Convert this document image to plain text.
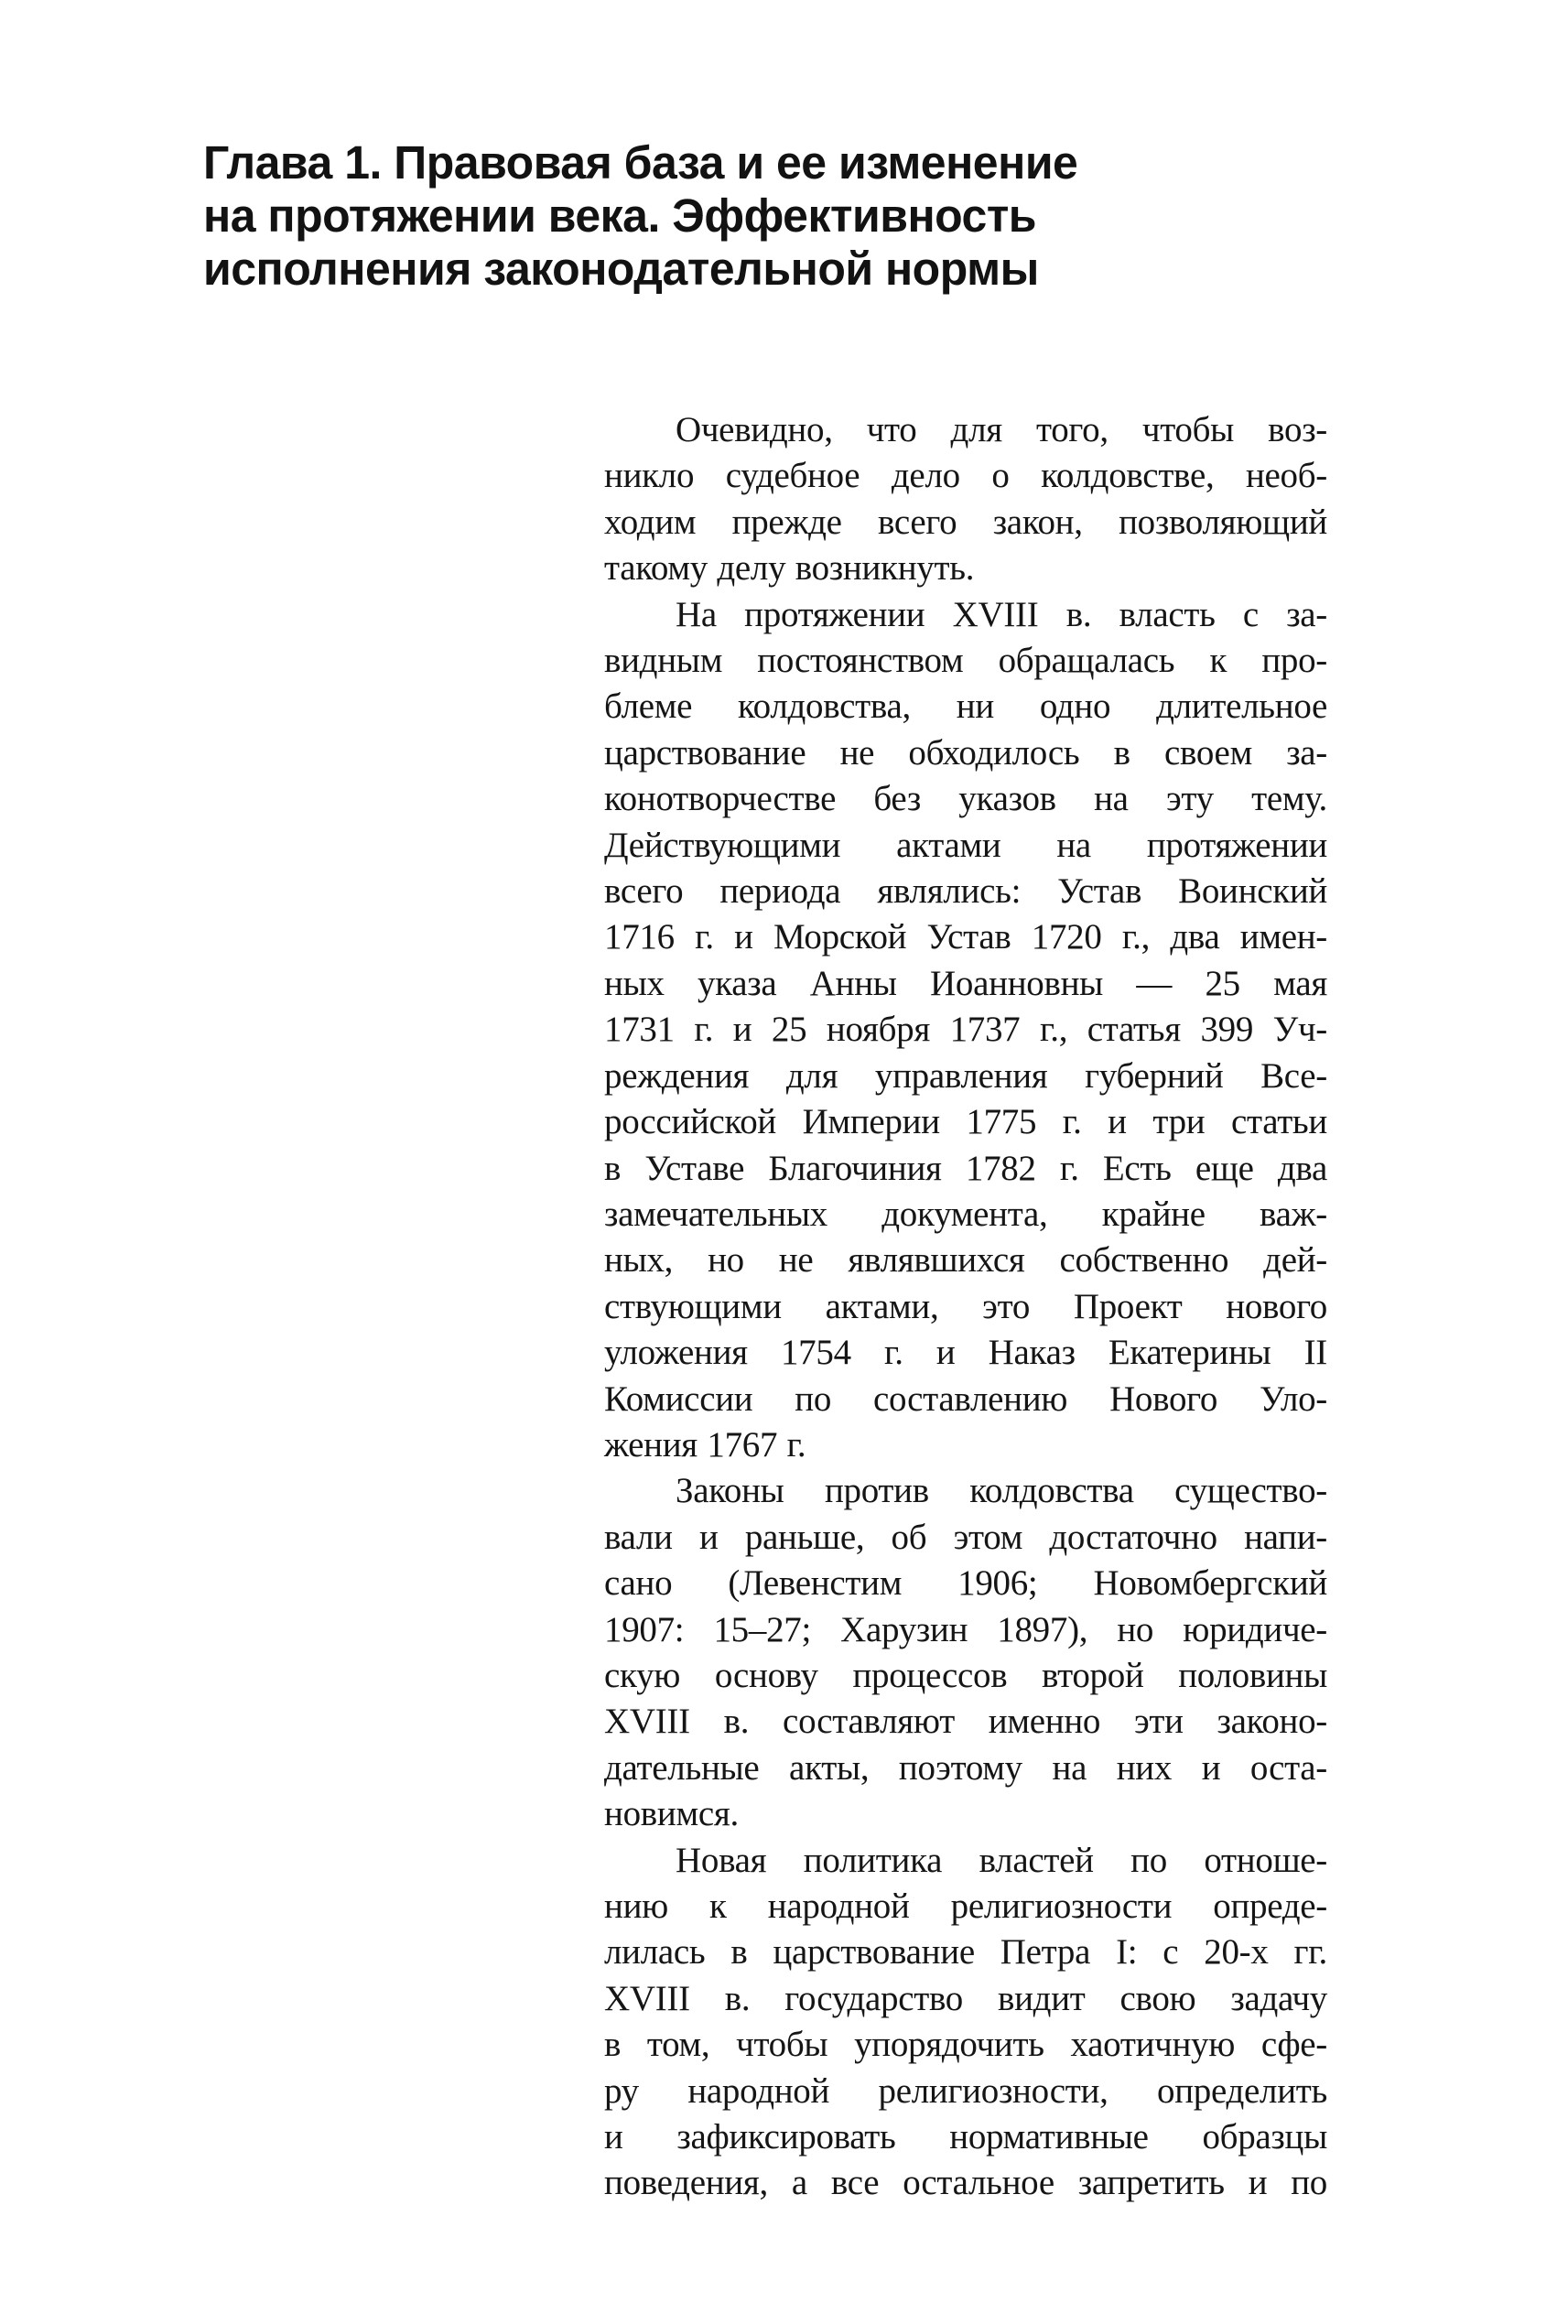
Глава 1. Правовая база и ее изменение
на протяжении века. Эффективность
исполнения законодательной нормы
Очевидно, что для того, чтобы воз-
никло судебное дело о колдовстве, необ-
ходим прежде всего закон, позволяющий
такому делу возникнуть.
На протяжении XVIII в. власть с за-
видным постоянством обращалась к про-
блеме колдовства, ни одно длительное
царствование не обходилось в своем за-
конотворчестве без указов на эту тему.
Действующими актами на протяжении
всего периода являлись: Устав Воинский
1716 г. и Морской Устав 1720 г., два имен-
ных указа Анны Иоанновны — 25 мая
1731 г. и 25 ноября 1737 г., статья 399 Уч-
реждения для управления губерний Все-
российской Империи 1775 г. и три статьи
в Уставе Благочиния 1782 г. Есть еще два
замечательных документа, крайне важ-
ных, но не являвшихся собственно дей-
ствующими актами, это Проект нового
уложения 1754 г. и Наказ Екатерины II
Комиссии по составлению Нового Уло-
жения 1767 г.
Законы против колдовства существо-
вали и раньше, об этом достаточно напи-
сано (Левенстим 1906; Новомбергский
1907: 15–27; Харузин 1897), но юридиче-
скую основу процессов второй половины
XVIII в. составляют именно эти законо-
дательные акты, поэтому на них и оста-
новимся.
Новая политика властей по отноше-
нию к народной религиозности опреде-
лилась в царствование Петра I: с 20-х гг.
XVIII в. государство видит свою задачу
в том, чтобы упорядочить хаотичную сфе-
ру народной религиозности, определить
и зафиксировать нормативные образцы
поведения, а все остальное запретить и по
